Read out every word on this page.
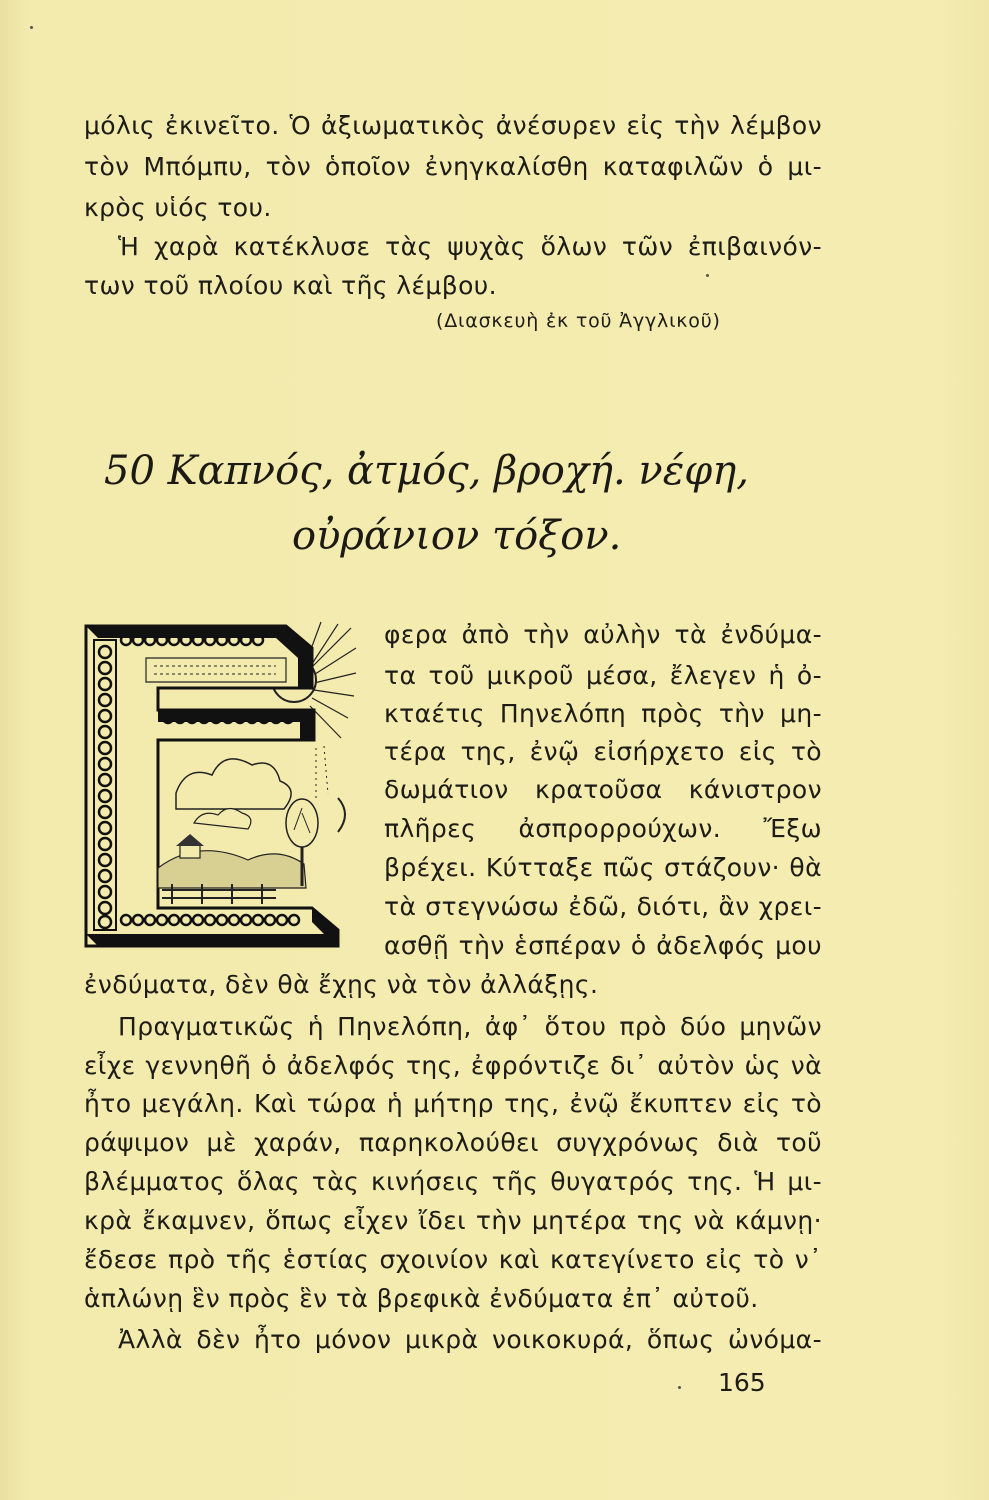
μόλις ἐκινεῖτο. Ὁ ἀξιωματικὸς ἀνέσυρεν εἰς τὴν λέμβον
τὸν Μπόμπυ, τὸν ὁποῖον ἐνηγκαλίσθη καταφιλῶν ὁ μι-
κρὸς υἱός του.
Ἡ χαρὰ κατέκλυσε τὰς ψυχὰς ὅλων τῶν ἐπιβαινόν-
των τοῦ πλοίου καὶ τῆς λέμβου.
(Διασκευὴ ἐκ τοῦ Ἀγγλικοῦ)
50 Καπνός, ἀτμός, βροχή. νέφη,
οὐράνιον τόξον.
φερα ἀπὸ τὴν αὐλὴν τὰ ἐνδύμα-
τα τοῦ μικροῦ μέσα, ἔλεγεν ἡ ὀ-
κταέτις Πηνελόπη πρὸς τὴν μη-
τέρα της, ἐνῷ εἰσήρχετο εἰς τὸ
δωμάτιον κρατοῦσα κάνιστρον
πλῆρες ἀσπρορρούχων. Ἔξω
βρέχει. Κύτταξε πῶς στάζουν· θὰ
τὰ στεγνώσω ἐδῶ, διότι, ἂν χρει-
ασθῇ τὴν ἑσπέραν ὁ ἀδελφός μου
ἐνδύματα, δὲν θὰ ἔχῃς νὰ τὸν ἀλλάξῃς.
Πραγματικῶς ἡ Πηνελόπη, ἀφ᾿ ὅτου πρὸ δύο μηνῶν
εἶχε γεννηθῆ ὁ ἀδελφός της, ἐφρόντιζε δι᾿ αὐτὸν ὡς νὰ
ἦτο μεγάλη. Καὶ τώρα ἡ μήτηρ της, ἐνῷ ἔκυπτεν εἰς τὸ
ράψιμον μὲ χαράν, παρηκολούθει συγχρόνως διὰ τοῦ
βλέμματος ὅλας τὰς κινήσεις τῆς θυγατρός της. Ἡ μι-
κρὰ ἔκαμνεν, ὅπως εἶχεν ἴδει τὴν μητέρα της νὰ κάμνῃ·
ἔδεσε πρὸ τῆς ἑστίας σχοινίον καὶ κατεγίνετο εἰς τὸ ν᾿
ἁπλώνῃ ἓν πρὸς ἓν τὰ βρεφικὰ ἐνδύματα ἐπ᾿ αὐτοῦ.
Ἀλλὰ δὲν ἦτο μόνον μικρὰ νοικοκυρά, ὅπως ὠνόμα-
165
